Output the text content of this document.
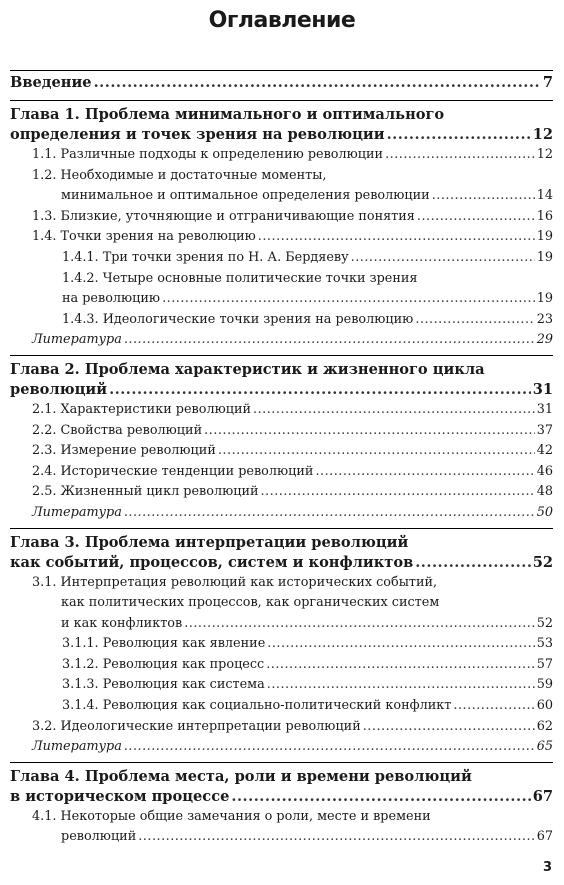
Оглавление
Введение .....	7
Глава 1. Проблема минимального и оптимального
определения и точек зрения на революции .....	12
1.1. Различные подходы к определению революции .....	12
1.2. Необходимые и достаточные моменты,
минимальное и оптимальное определения революции .....	14
1.3. Близкие, уточняющие и отграничивающие понятия .....	16
1.4. Точки зрения на революцию .....	19
1.4.1. Три точки зрения по Н. А. Бердяеву .....	19
1.4.2. Четыре основные политические точки зрения
на революцию .....	19
1.4.3. Идеологические точки зрения на революцию .....	23
Литература .....	29
Глава 2. Проблема характеристик и жизненного цикла
революций .....	31
2.1. Характеристики революций .....	31
2.2. Свойства революций .....	37
2.3. Измерение революций .....	42
2.4. Исторические тенденции революций .....	46
2.5. Жизненный цикл революций .....	48
Литература .....	50
Глава 3. Проблема интерпретации революций
как событий, процессов, систем и конфликтов .....	52
3.1. Интерпретация революций как исторических событий,
как политических процессов, как органических систем
и как конфликтов .....	52
3.1.1. Революция как явление .....	53
3.1.2. Революция как процесс .....	57
3.1.3. Революция как система .....	59
3.1.4. Революция как социально-политический конфликт .....	60
3.2. Идеологические интерпретации революций .....	62
Литература .....	65
Глава 4. Проблема места, роли и времени революций
в историческом процессе .....	67
4.1. Некоторые общие замечания о роли, месте и времени
революций .....	67
3
